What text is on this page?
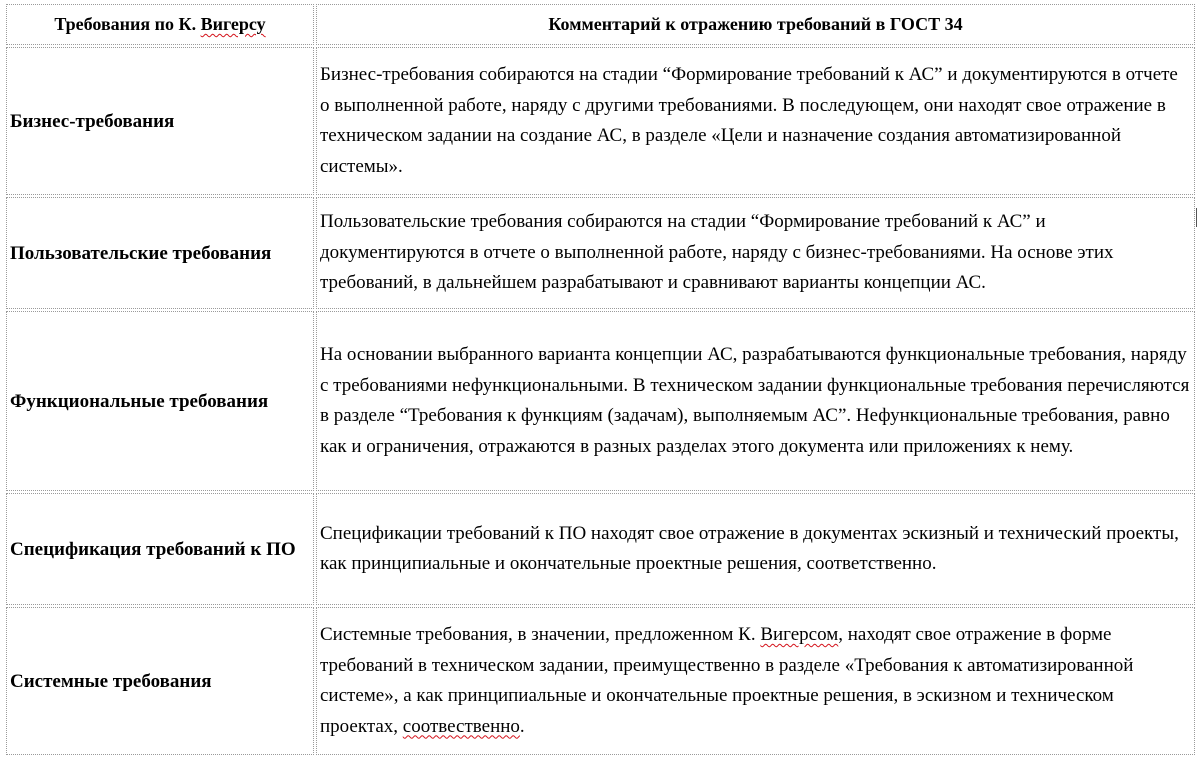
Требования по К. Вигерсу	Комментарий к отражению требований в ГОСТ 34
Бизнес-требования	Бизнес-требования собираются на стадии “Формирование требований к АС” и документируются в отчете о выполненной работе, наряду с другими требованиями. В последующем, они находят свое отражение в техническом задании на создание АС, в разделе «Цели и назначение создания автоматизированной системы».
Пользовательские требования	Пользовательские требования собираются на стадии “Формирование требований к АС” и документируются в отчете о выполненной работе, наряду с бизнес-требованиями. На основе этих требований, в дальнейшем разрабатывают и сравнивают варианты концепции АС.
Функциональные требования	На основании выбранного варианта концепции АС, разрабатываются функциональные требования, наряду с требованиями нефункциональными. В техническом задании функциональные требования перечисляются в разделе “Требования к функциям (задачам), выполняемым АС”. Нефункциональные требования, равно как и ограничения, отражаются в разных разделах этого документа или приложениях к нему.
Спецификация требований к ПО	Спецификации требований к ПО находят свое отражение в документах эскизный и технический проекты, как принципиальные и окончательные проектные решения, соответственно.
Системные требования	Системные требования, в значении, предложенном К. Вигерсом, находят свое отражение в форме требований в техническом задании, преимущественно в разделе «Требования к автоматизированной системе», а как принципиальные и окончательные проектные решения, в эскизном и техническом проектах, соотвественно.
